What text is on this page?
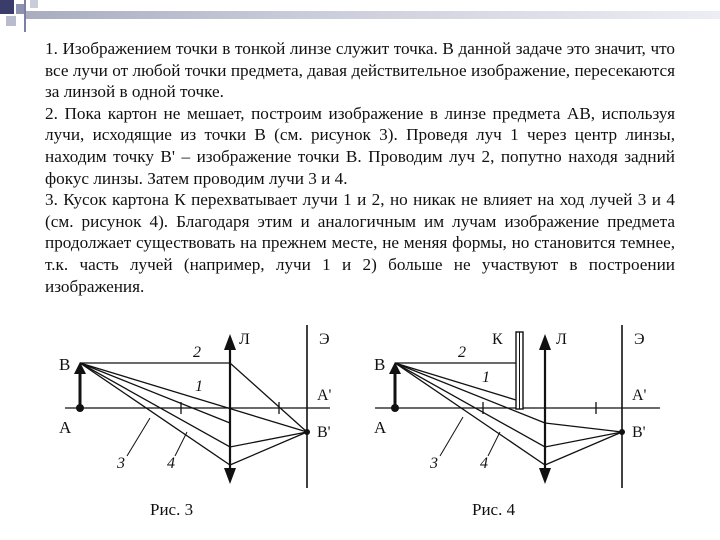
1. Изображением точки в тонкой линзе служит точка. В данной задаче это значит, что все лучи от любой точки предмета, давая действительное изображение, пересекаются за линзой в одной точке.

2. Пока картон не мешает, построим изображение в линзе предмета АВ, используя лучи, исходящие из точки В (см. рисунок 3). Проведя луч 1 через центр линзы, находим точку В' – изображение точки В. Проводим луч 2, попутно находя задний фокус линзы. Затем проводим лучи 3 и 4.

3. Кусок картона К перехватывает лучи 1 и 2, но никак не влияет на ход лучей 3 и 4 (см. рисунок 4). Благодаря этим и аналогичным им лучам изображение предмета продолжает существовать на прежнем месте, не меняя формы, но становится темнее, т.к. часть лучей (например, лучи 1 и 2) больше не участвуют в построении изображения.

В
А
Л	Э
А'
В'
2
1
3	4
Рис. 3
В
А
К	Л	Э
А'
В'
2
1
3	4
Рис. 4
